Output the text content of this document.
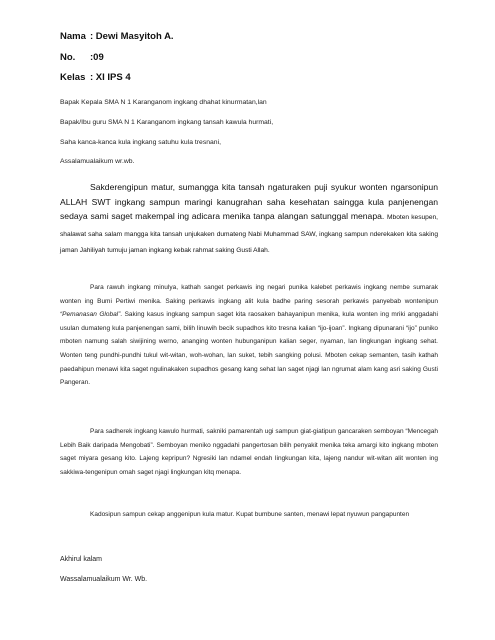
Nama : Dewi Masyitoh A.
No. :09
Kelas : XI IPS 4
Bapak Kepala SMA N 1 Karanganom ingkang dhahat kinurmatan,lan
Bapak/Ibu guru SMA N 1 Karanganom ingkang tansah kawula hurmati,
Saha kanca-kanca kula ingkang satuhu kula tresnani,
Assalamualaikum wr.wb.
Sakderengipun matur, sumangga kita tansah ngaturaken puji syukur wonten ngarsonipun ALLAH SWT ingkang sampun maringi kanugrahan saha kesehatan saingga kula panjenengan sedaya sami saget makempal ing adicara menika tanpa alangan satunggal menapa. Mboten kesupen, shalawat saha salam mangga kita tansah unjukaken dumateng Nabi Muhammad SAW, ingkang sampun nderekaken kita saking jaman Jahiliyah tumuju jaman ingkang kebak rahmat saking Gusti Allah.
Para rawuh ingkang minulya, kathah sanget perkawis ing negari punika kalebet perkawis ingkang nembe sumarak wonten ing Bumi Pertiwi menika. Saking perkawis ingkang alit kula badhe paring sesorah perkawis panyebab wontenipun “Pemanasan Global”. Saking kasus ingkang sampun saget kita raosaken bahayanipun menika, kula wonten ing mriki anggadahi usulan dumateng kula panjenengan sami, bilih linuwih becik supadhos kito tresna kalian “ijo-ijoan”. Ingkang dipunarani “ijo” puniko mboten namung salah siwijining werno, ananging wonten hubunganipun kalian seger, nyaman, lan lingkungan ingkang sehat. Wonten teng pundhi-pundhi tukul wit-witan, woh-wohan, lan suket, tebih sangking polusi. Mboten cekap semanten, tasih kathah paedahipun menawi kita saget ngulinakaken supadhos gesang kang sehat lan saget njagi lan ngrumat alam kang asri saking Gusti Pangeran.
Para sadherek ingkang kawulo hurmati, sakniki pamarentah ugi sampun giat-giatipun gancaraken semboyan “Mencegah Lebih Baik daripada Mengobati”. Semboyan meniko nggadahi pangertosan bilih penyakit menika teka amargi kito ingkang mboten saget miyara gesang kito. Lajeng kepripun? Ngresiki lan ndamel endah lingkungan kita, lajeng nandur wit-witan alit wonten ing sakkiwa-tengenipun omah saget njagi lingkungan kitq menapa.
Kadosipun sampun cekap anggenipun kula matur. Kupat bumbune santen, menawi lepat nyuwun pangapunten
Akhirul kalam
Wassalamualaikum Wr. Wb.
